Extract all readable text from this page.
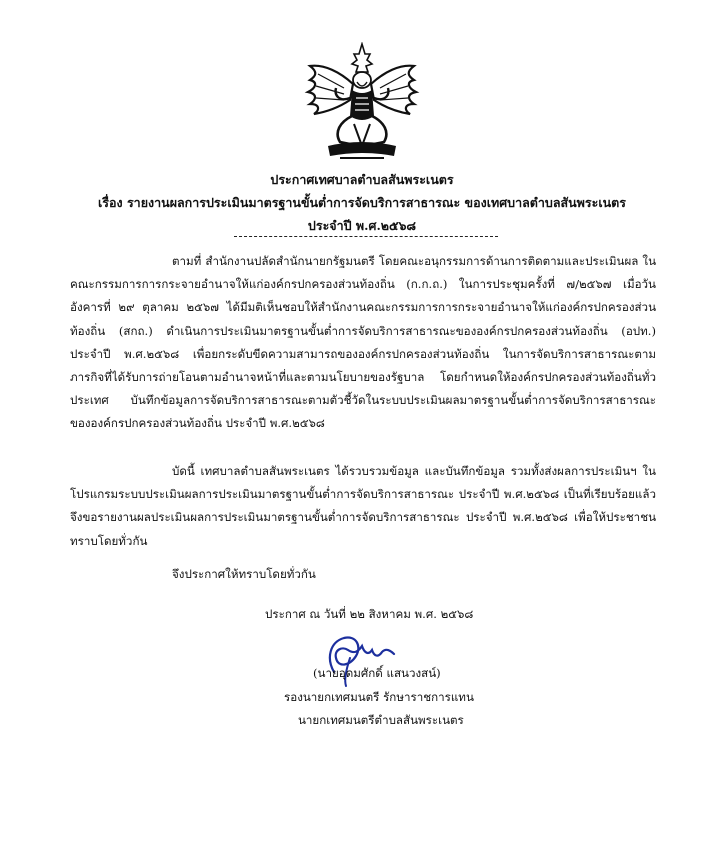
ประกาศเทศบาลตำบลสันพระเนตร
เรื่อง รายงานผลการประเมินมาตรฐานขั้นต่ำการจัดบริการสาธารณะ ของเทศบาลตำบลสันพระเนตร
ประจำปี พ.ศ.๒๕๖๘
ตามที่ สำนักงานปลัดสำนักนายกรัฐมนตรี โดยคณะอนุกรรมการด้านการติดตามและประเมินผล ในคณะกรรมการการกระจายอำนาจให้แก่องค์กรปกครองส่วนท้องถิ่น (ก.ก.ถ.) ในการประชุมครั้งที่ ๗/๒๕๖๗ เมื่อวันอังคารที่ ๒๙ ตุลาคม ๒๕๖๗ ได้มีมติเห็นชอบให้สำนักงานคณะกรรมการการกระจายอำนาจให้แก่องค์กรปกครองส่วนท้องถิ่น (สกถ.) ดำเนินการประเมินมาตรฐานขั้นต่ำการจัดบริการสาธารณะขององค์กรปกครองส่วนท้องถิ่น (อปท.) ประจำปี พ.ศ.๒๕๖๘ เพื่อยกระดับขีดความสามารถขององค์กรปกครองส่วนท้องถิ่น ในการจัดบริการสาธารณะตามภารกิจที่ได้รับการถ่ายโอนตามอำนาจหน้าที่และตามนโยบายของรัฐบาล โดยกำหนดให้องค์กรปกครองส่วนท้องถิ่นทั่วประเทศ บันทึกข้อมูลการจัดบริการสาธารณะตามตัวชี้วัดในระบบประเมินผลมาตรฐานขั้นต่ำการจัดบริการสาธารณะขององค์กรปกครองส่วนท้องถิ่น ประจำปี พ.ศ.๒๕๖๘
บัดนี้ เทศบาลตำบลสันพระเนตร ได้รวบรวมข้อมูล และบันทึกข้อมูล รวมทั้งส่งผลการประเมินฯ ในโปรแกรมระบบประเมินผลการประเมินมาตรฐานขั้นต่ำการจัดบริการสาธารณะ ประจำปี พ.ศ.๒๕๖๘ เป็นที่เรียบร้อยแล้ว จึงขอรายงานผลประเมินผลการประเมินมาตรฐานขั้นต่ำการจัดบริการสาธารณะ ประจำปี พ.ศ.๒๕๖๘ เพื่อให้ประชาชนทราบโดยทั่วกัน
จึงประกาศให้ทราบโดยทั่วกัน
ประกาศ ณ วันที่ ๒๒ สิงหาคม พ.ศ. ๒๕๖๘
(นายอุดมศักดิ์ แสนวงสน์)
รองนายกเทศมนตรี รักษาราชการแทน
นายกเทศมนตรีตำบลสันพระเนตร
